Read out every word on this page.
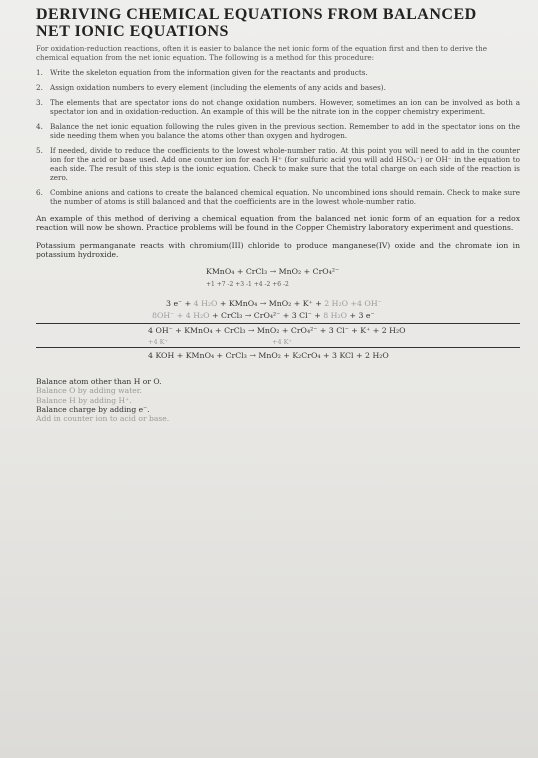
DERIVING CHEMICAL EQUATIONS FROM BALANCED
NET IONIC EQUATIONS

For oxidation-reduction reactions, often it is easier to balance the net ionic form of the equation first and then to derive the chemical equation from the net ionic equation. The following is a method for this procedure:

1. Write the skeleton equation from the information given for the reactants and products.
2. Assign oxidation numbers to every element (including the elements of any acids and bases).
3. The elements that are spectator ions do not change oxidation numbers. However, sometimes an ion can be involved as both a spectator ion and in oxidation-reduction. An example of this will be the nitrate ion in the copper chemistry experiment.
4. Balance the net ionic equation following the rules given in the previous section. Remember to add in the spectator ions on the side needing them when you balance the atoms other than oxygen and hydrogen.
5. If needed, divide to reduce the coefficients to the lowest whole-number ratio. At this point you will need to add in the counter ion for the acid or base used. Add one counter ion for each H⁺ (for sulfuric acid you will add HSO₄⁻) or OH⁻ in the equation to each side. The result of this step is the ionic equation. Check to make sure that the total charge on each side of the reaction is zero.
6. Combine anions and cations to create the balanced chemical equation. No uncombined ions should remain. Check to make sure the number of atoms is still balanced and that the coefficients are in the lowest whole-number ratio.

An example of this method of deriving a chemical equation from the balanced net ionic form of an equation for a redox reaction will now be shown. Practice problems will be found in the Copper Chemistry laboratory experiment and questions.

Potassium permanganate reacts with chromium(III) chloride to produce manganese(IV) oxide and the chromate ion in potassium hydroxide.

KMnO₄ + CrCl₃ → MnO₂ + CrO₄²⁻
+1 +7 -2 +3 -1 +4 -2 +6 -2
3 e⁻ + 4 H₂O + KMnO₄ → MnO₂ + K⁺ + 2 H₂O +4 OH⁻
8OH⁻ + 4 H₂O + CrCl₃ → CrO₄²⁻ + 3 Cl⁻ + 8 H₂O + 3 e⁻
4 OH⁻ + KMnO₄ + CrCl₃ → MnO₂ + CrO₄²⁻ + 3 Cl⁻ + K⁺ + 2 H₂O
+4 K⁺	+4 K⁺
4 KOH + KMnO₄ + CrCl₃ → MnO₂ + K₂CrO₄ + 3 KCl + 2 H₂O
Balance atom other than H or O.
Balance O by adding water.
Balance H by adding H⁺.
Balance charge by adding e⁻.
Add in counter ion to acid or base.
